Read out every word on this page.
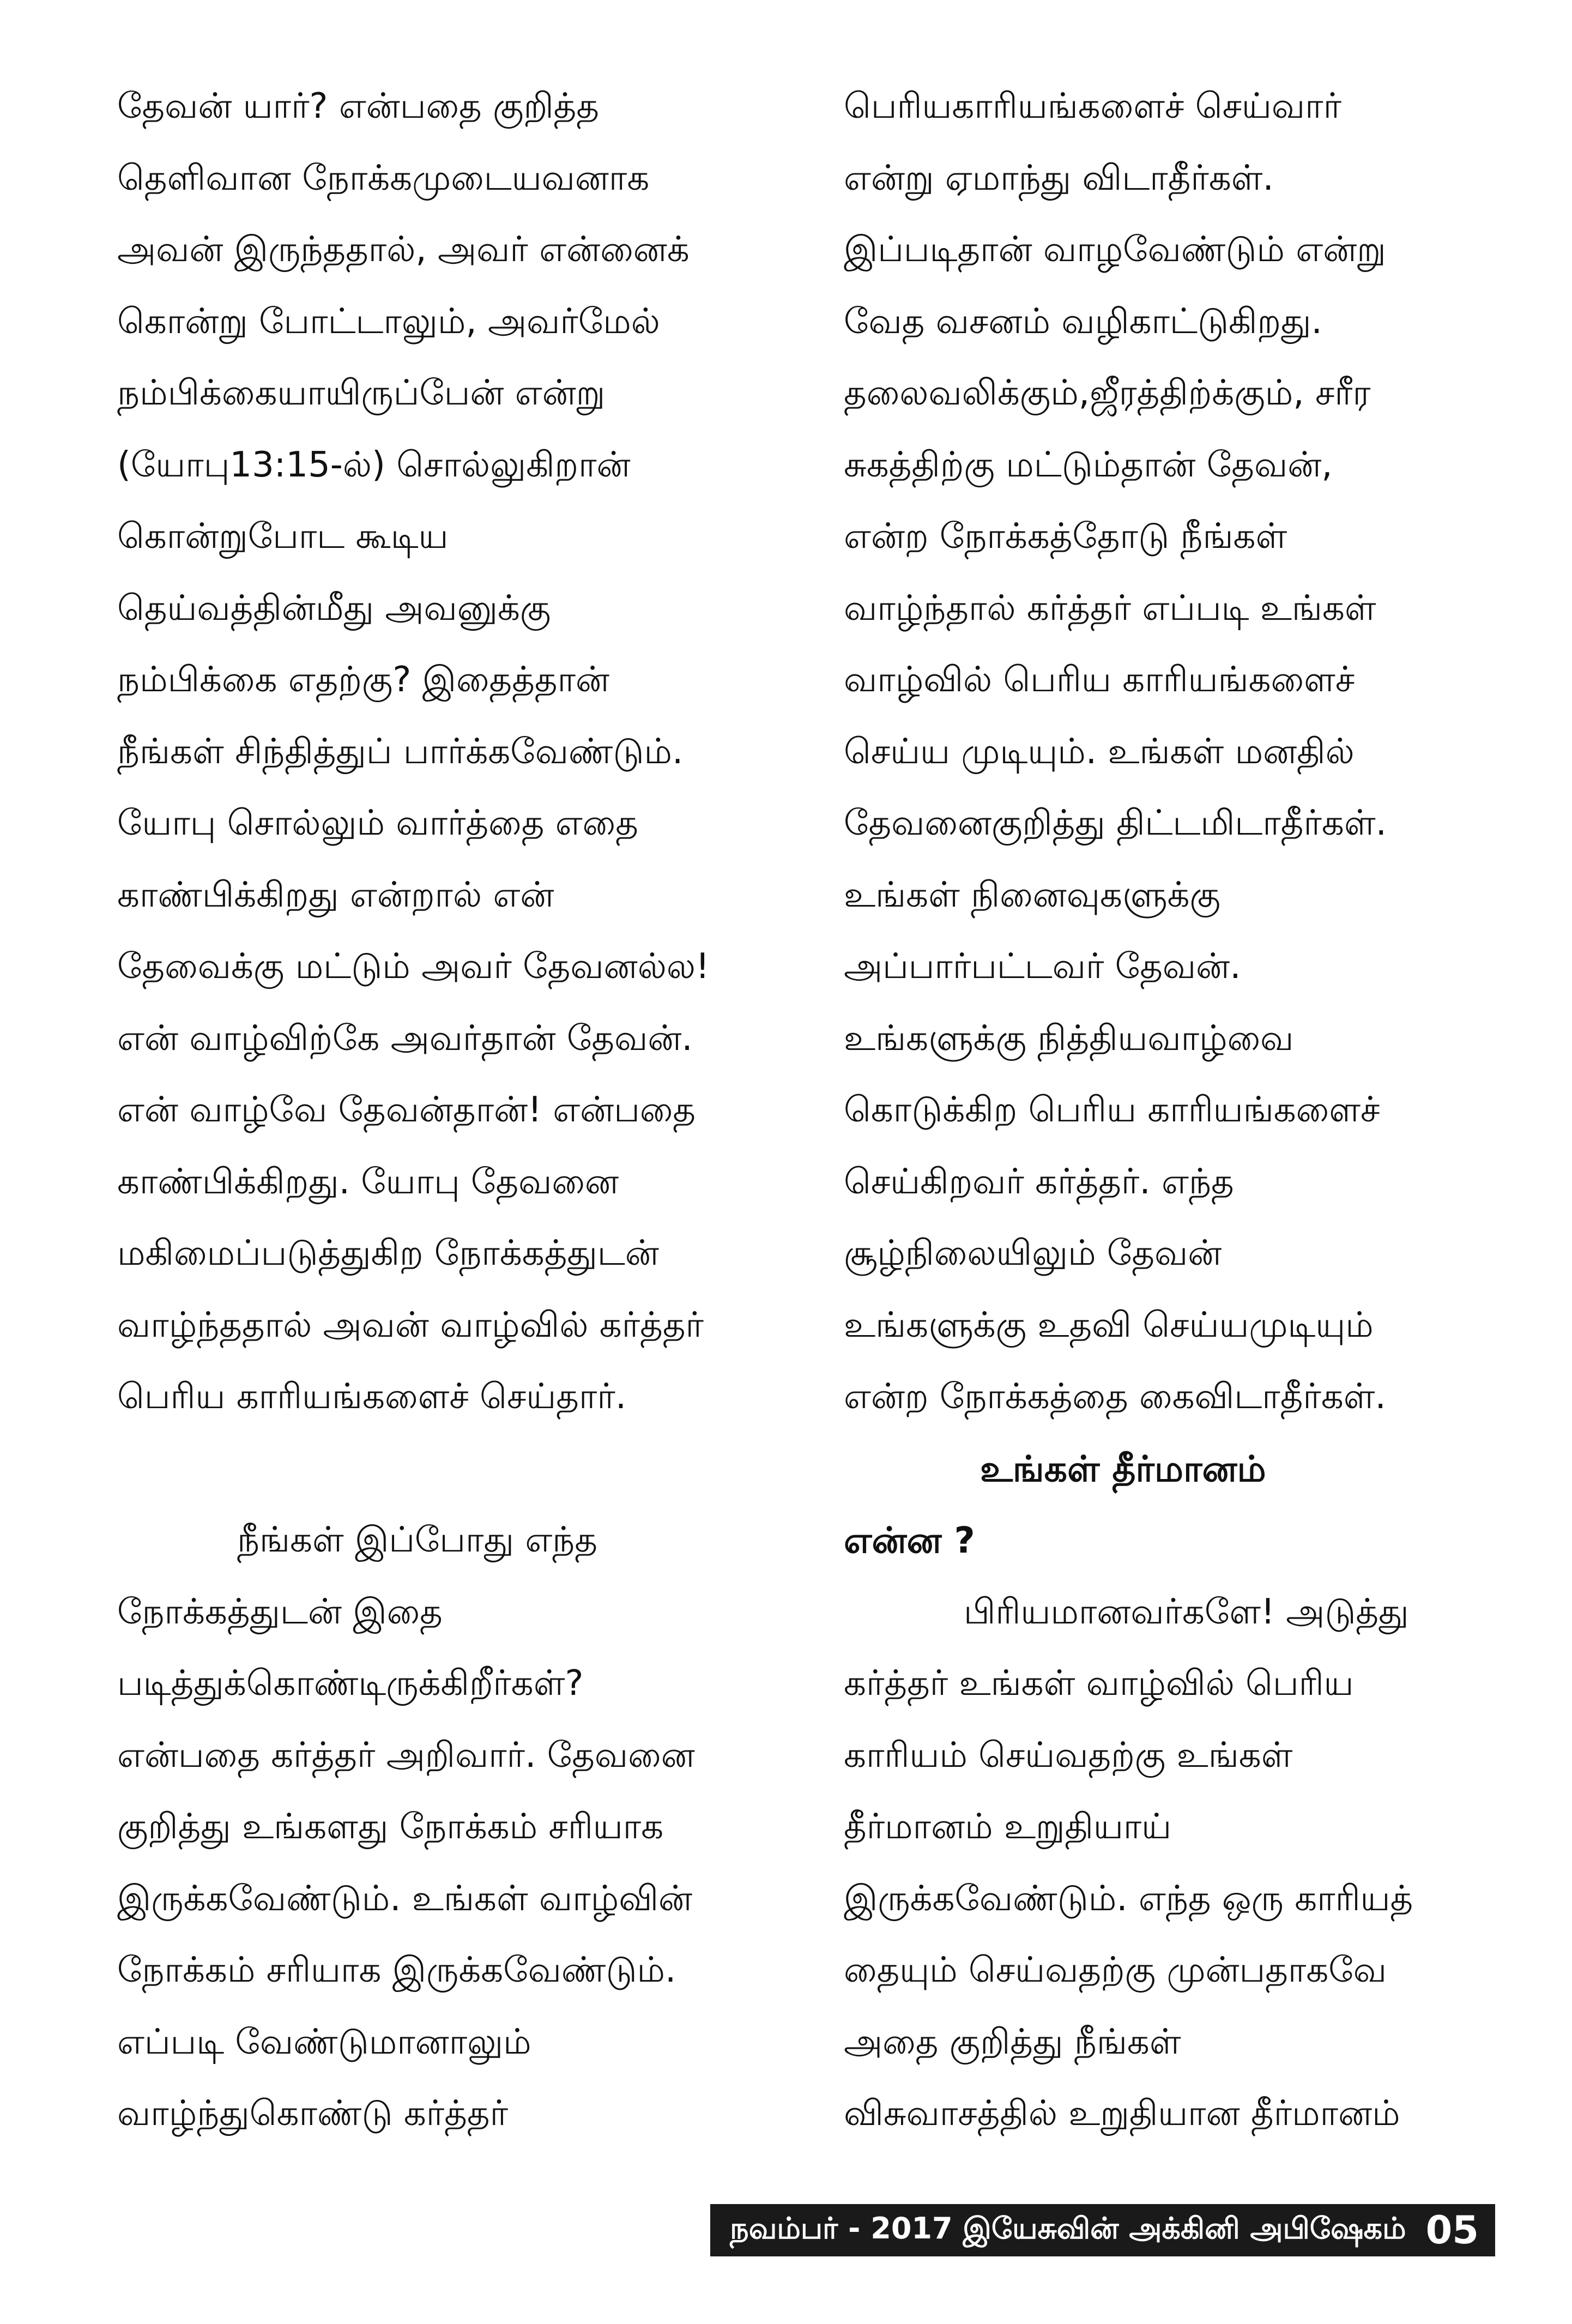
தேவன் யார்? என்பதை குறித்த
தெளிவான நோக்கமுடையவனாக
அவன் இருந்ததால், அவர் என்னைக்
கொன்று போட்டாலும், அவர்மேல்
நம்பிக்கையாயிருப்பேன் என்று
(யோபு13:15-ல்) சொல்லுகிறான்
கொன்றுபோட கூடிய
தெய்வத்தின்மீது அவனுக்கு
நம்பிக்கை எதற்கு? இதைத்தான்
நீங்கள் சிந்தித்துப் பார்க்கவேண்டும்.
யோபு சொல்லும் வார்த்தை எதை
காண்பிக்கிறது என்றால் என்
தேவைக்கு மட்டும் அவர் தேவனல்ல!
என் வாழ்விற்கே அவர்தான் தேவன்.
என் வாழ்வே தேவன்தான்! என்பதை
காண்பிக்கிறது. யோபு தேவனை
மகிமைப்படுத்துகிற நோக்கத்துடன்
வாழ்ந்ததால் அவன் வாழ்வில் கர்த்தர்
பெரிய காரியங்களைச் செய்தார்.
நீங்கள் இப்போது எந்த
நோக்கத்துடன் இதை
படித்துக்கொண்டிருக்கிறீர்கள்?
என்பதை கர்த்தர் அறிவார். தேவனை
குறித்து உங்களது நோக்கம் சரியாக
இருக்கவேண்டும். உங்கள் வாழ்வின்
நோக்கம் சரியாக இருக்கவேண்டும்.
எப்படி வேண்டுமானாலும்
வாழ்ந்துகொண்டு கர்த்தர்
பெரியகாரியங்களைச் செய்வார்
என்று ஏமாந்து விடாதீர்கள்.
இப்படிதான் வாழவேண்டும் என்று
வேத வசனம் வழிகாட்டுகிறது.
தலைவலிக்கும்,ஜீரத்திற்க்கும், சரீர
சுகத்திற்கு மட்டும்தான் தேவன்,
என்ற நோக்கத்தோடு நீங்கள்
வாழ்ந்தால் கர்த்தர் எப்படி உங்கள்
வாழ்வில் பெரிய காரியங்களைச்
செய்ய முடியும். உங்கள் மனதில்
தேவனைகுறித்து திட்டமிடாதீர்கள்.
உங்கள் நினைவுகளுக்கு
அப்பார்பட்டவர் தேவன்.
உங்களுக்கு நித்தியவாழ்வை
கொடுக்கிற பெரிய காரியங்களைச்
செய்கிறவர் கர்த்தர். எந்த
சூழ்நிலையிலும் தேவன்
உங்களுக்கு உதவி செய்யமுடியும்
என்ற நோக்கத்தை கைவிடாதீர்கள்.
உங்கள் தீர்மானம்
என்ன ?
பிரியமானவர்களே! அடுத்து
கர்த்தர் உங்கள் வாழ்வில் பெரிய
காரியம் செய்வதற்கு உங்கள்
தீர்மானம் உறுதியாய்
இருக்கவேண்டும். எந்த ஒரு காரியத்
தையும் செய்வதற்கு முன்பதாகவே
அதை குறித்து நீங்கள்
விசுவாசத்தில் உறுதியான தீர்மானம்
நவம்பர் - 2017 இயேசுவின் அக்கினி அபிஷேகம் 05
